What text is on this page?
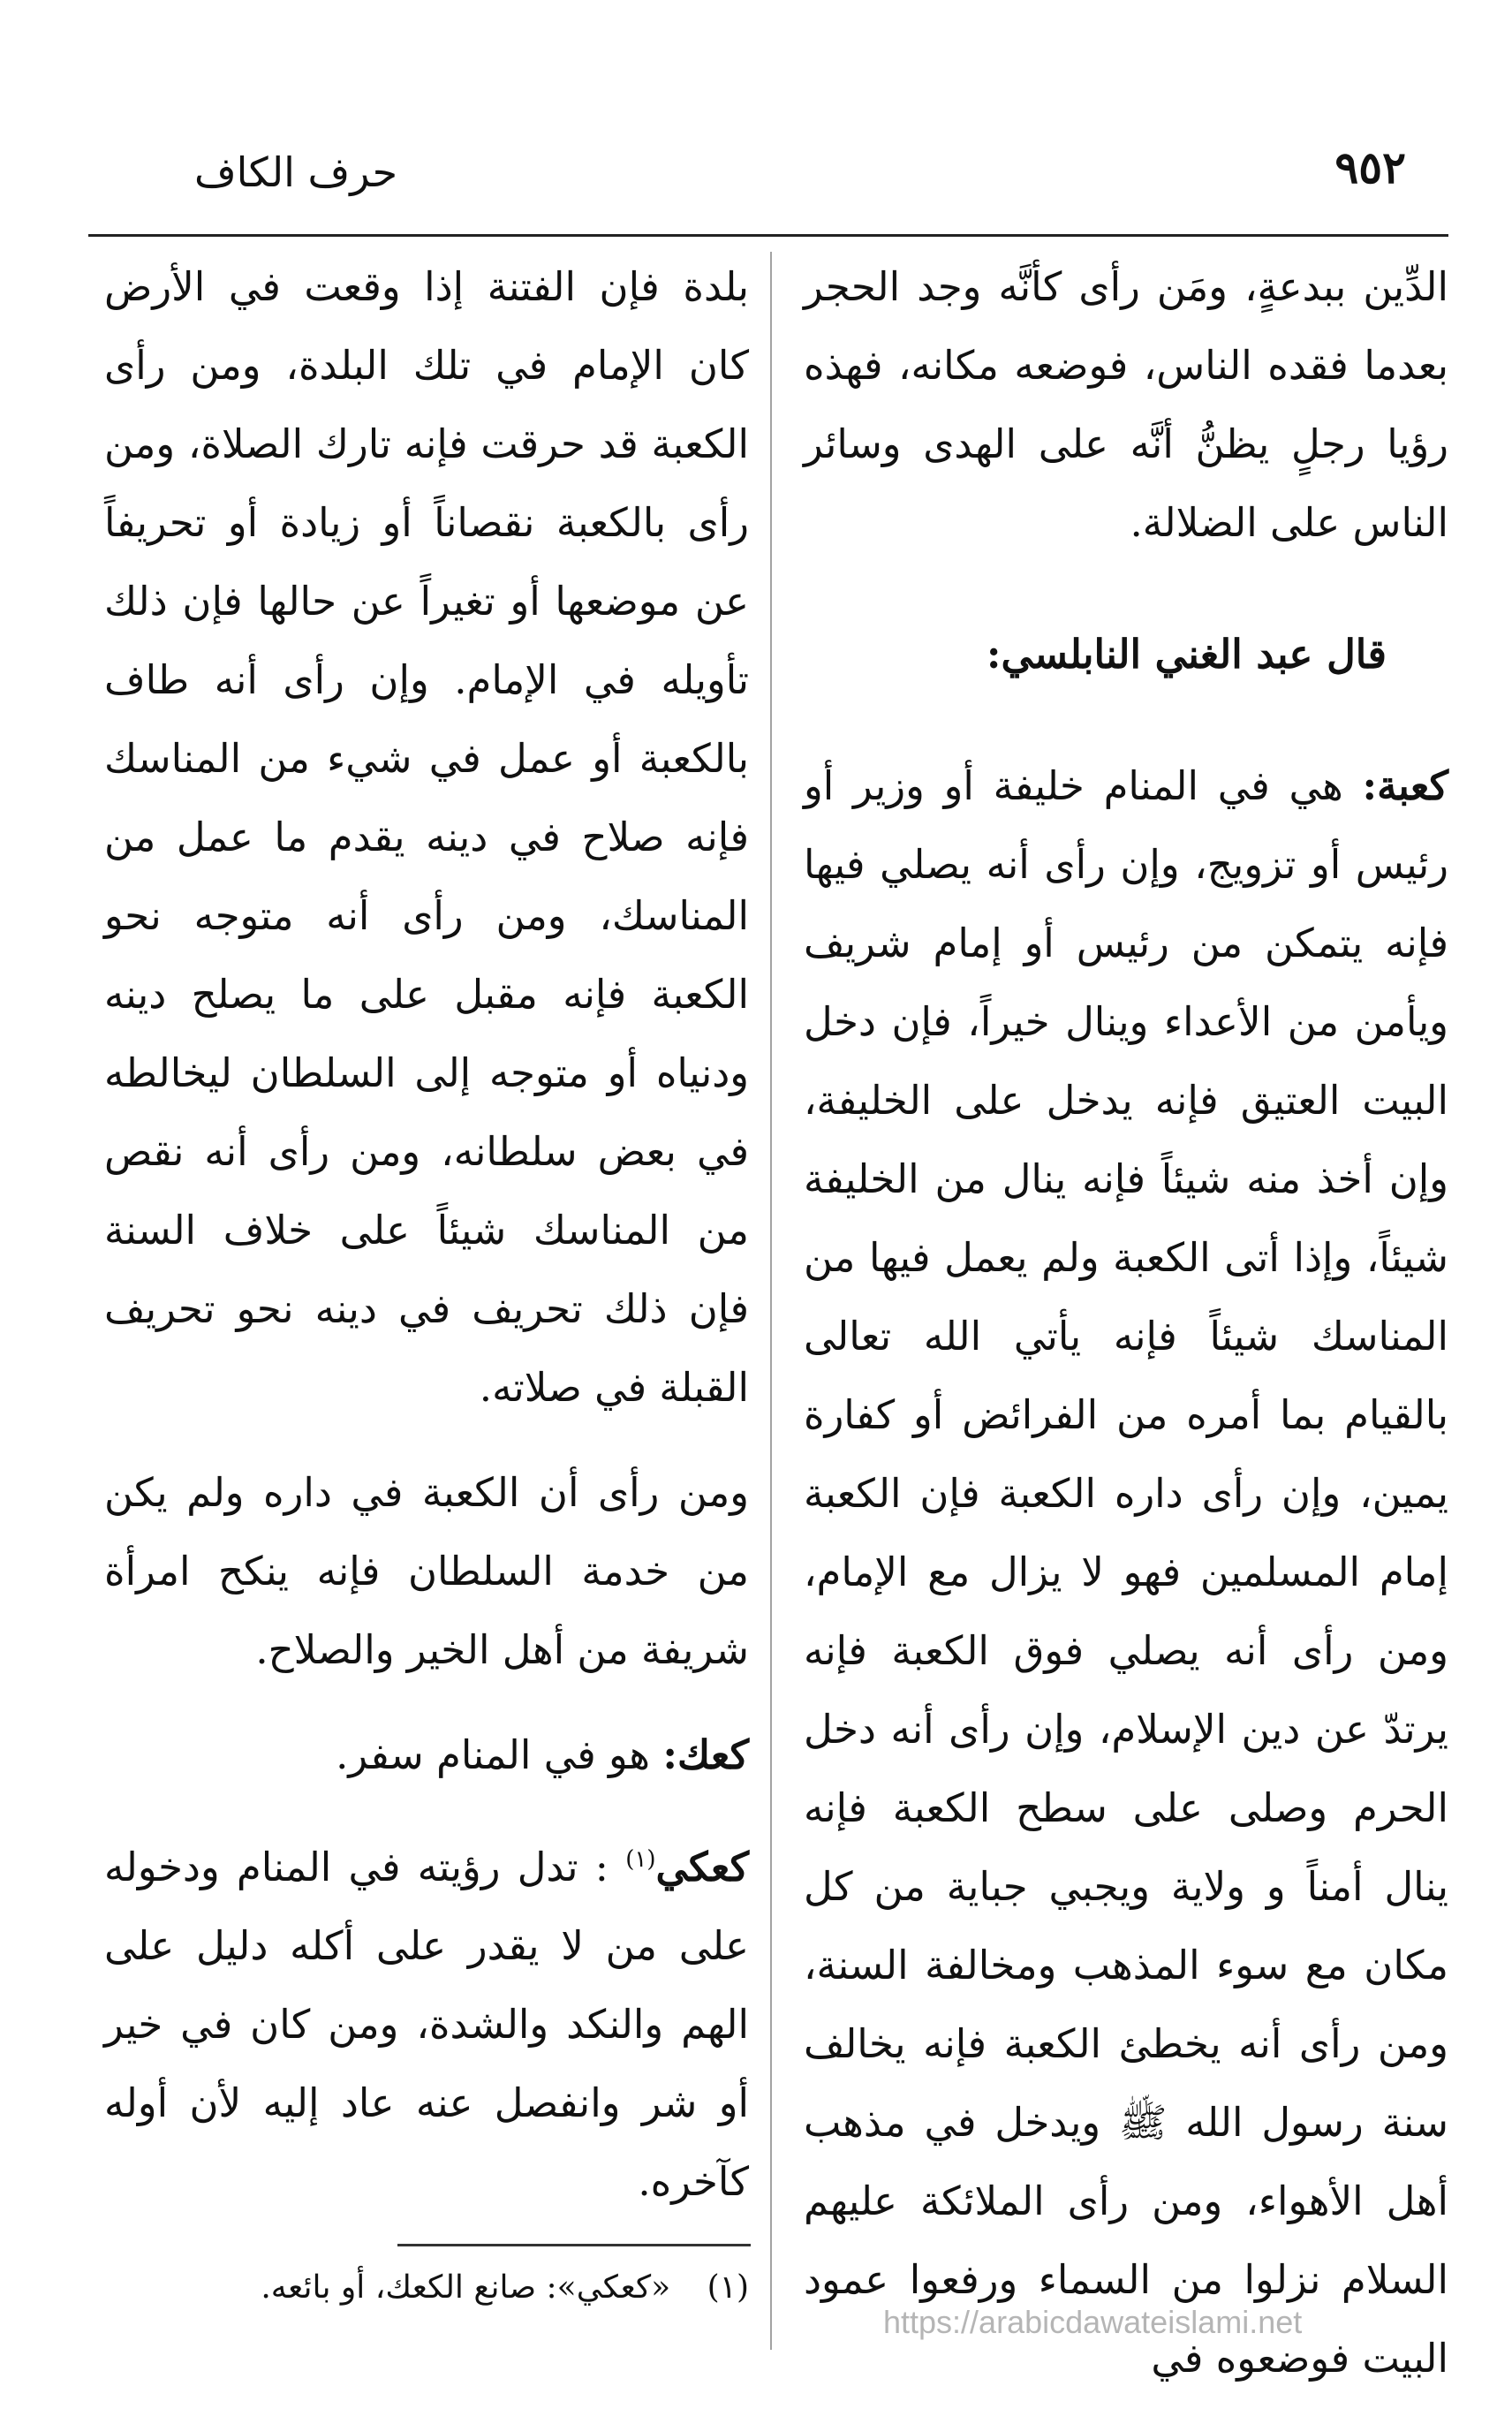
٩٥٢
حرف الكاف

الدِّين ببدعةٍ، ومَن رأى كأنَّه وجد الحجر بعدما فقده الناس، فوضعه مكانه، فهذه رؤيا رجلٍ يظنُّ أنَّه على الهدى وسائر الناس على الضلالة.

قال عبد الغني النابلسي:

كعبة: هي في المنام خليفة أو وزير أو رئيس أو تزويج، وإن رأى أنه يصلي فيها فإنه يتمكن من رئيس أو إمام شريف ويأمن من الأعداء وينال خيراً، فإن دخل البيت العتيق فإنه يدخل على الخليفة، وإن أخذ منه شيئاً فإنه ينال من الخليفة شيئاً، وإذا أتى الكعبة ولم يعمل فيها من المناسك شيئاً فإنه يأتي الله تعالى بالقيام بما أمره من الفرائض أو كفارة يمين، وإن رأى داره الكعبة فإن الكعبة إمام المسلمين فهو لا يزال مع الإمام، ومن رأى أنه يصلي فوق الكعبة فإنه يرتدّ عن دين الإسلام، وإن رأى أنه دخل الحرم وصلى على سطح الكعبة فإنه ينال أمناً و ولاية ويجبي جباية من كل مكان مع سوء المذهب ومخالفة السنة، ومن رأى أنه يخطئ الكعبة فإنه يخالف سنة رسول الله ﷺ ويدخل في مذهب أهل الأهواء، ومن رأى الملائكة عليهم السلام نزلوا من السماء ورفعوا عمود البيت فوضعوه في

بلدة فإن الفتنة إذا وقعت في الأرض كان الإمام في تلك البلدة، ومن رأى الكعبة قد حرقت فإنه تارك الصلاة، ومن رأى بالكعبة نقصاناً أو زيادة أو تحريفاً عن موضعها أو تغيراً عن حالها فإن ذلك تأويله في الإمام. وإن رأى أنه طاف بالكعبة أو عمل في شيء من المناسك فإنه صلاح في دينه يقدم ما عمل من المناسك، ومن رأى أنه متوجه نحو الكعبة فإنه مقبل على ما يصلح دينه ودنياه أو متوجه إلى السلطان ليخالطه في بعض سلطانه، ومن رأى أنه نقص من المناسك شيئاً على خلاف السنة فإن ذلك تحريف في دينه نحو تحريف القبلة في صلاته.

ومن رأى أن الكعبة في داره ولم يكن من خدمة السلطان فإنه ينكح امرأة شريفة من أهل الخير والصلاح.

كعك: هو في المنام سفر.

كعكي$^{(١)}$ : تدل رؤيته في المنام ودخوله على من لا يقدر على أكله دليل على الهم والنكد والشدة، ومن كان في خير أو شر وانفصل عنه عاد إليه لأن أوله كآخره.

(١) «كعكي»: صانع الكعك، أو بائعه.
https://arabicdawateislami.net
